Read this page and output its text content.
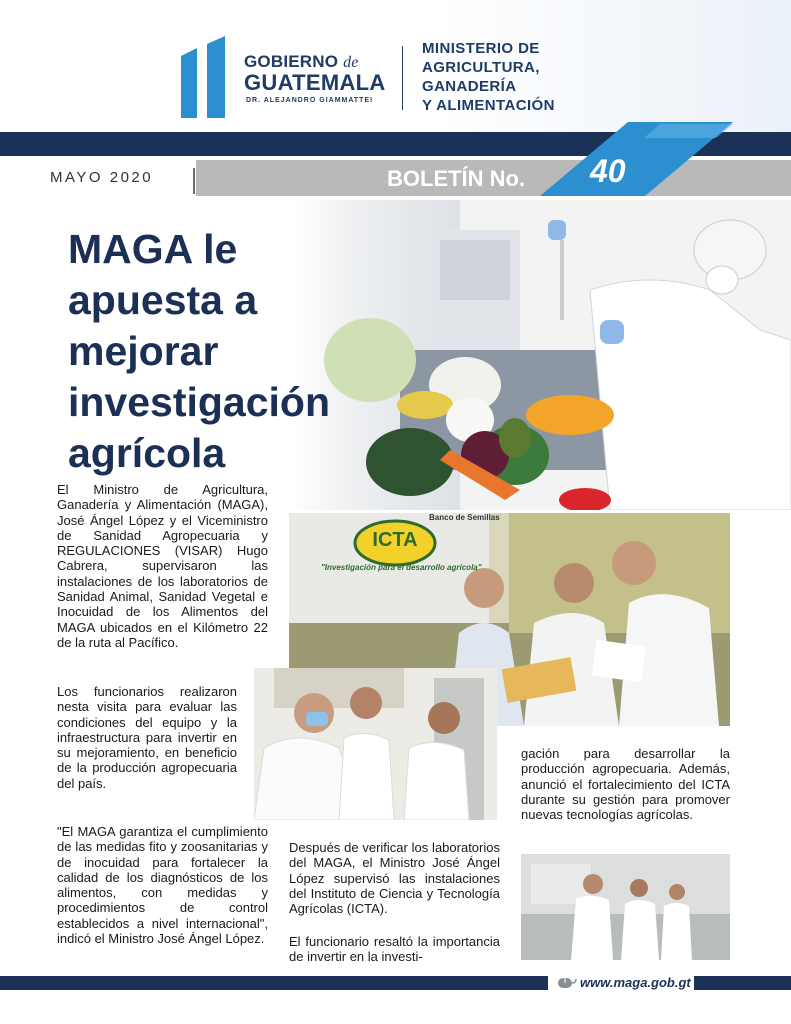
GOBIERNO de
GUATEMALA
DR. ALEJANDRO GIAMMATTEI
MINISTERIO DE
AGRICULTURA,
GANADERÍA
Y ALIMENTACIÓN
MAYO 2020	BOLETÍN No. 40
MAGA le
apuesta a
mejorar
investigación
agrícola
ICTA
"Investigación para el desarrollo agrícola"
Banco de Semillas

El Ministro de Agricultura, Ganadería y Alimentación (MAGA), José Ángel López y el Viceministro de Sanidad Agropecuaria y REGULACIONES (VISAR) Hugo Cabrera, supervisaron las instalaciones de los laboratorios de Sanidad Animal, Sanidad Vegetal e Inocuidad de los Alimentos del MAGA ubicados en el Kilómetro 22 de la ruta al Pacífico.

Los funcionarios realizaron nesta visita para evaluar las condiciones del equipo y la infraestructura para invertir en su mejoramiento, en beneficio de la producción agropecuaria del país.

"El MAGA garantiza el cumplimiento de las medidas fito y zoosanitarias y de inocuidad para fortalecer la calidad de los diagnósticos de los alimentos, con medidas y procedimientos de control establecidos a nivel internacional", indicó el Ministro José Ángel López.

Después de verificar los laboratorios del MAGA, el Ministro José Ángel López supervisó las instalaciones del Instituto de Ciencia y Tecnología Agrícolas (ICTA).

El funcionario resaltó la importancia de invertir en la investi-

gación para desarrollar la producción agropecuaria. Además, anunció el fortalecimiento del ICTA durante su gestión para promover nuevas tecnologías agrícolas.

www.maga.gob.gt
